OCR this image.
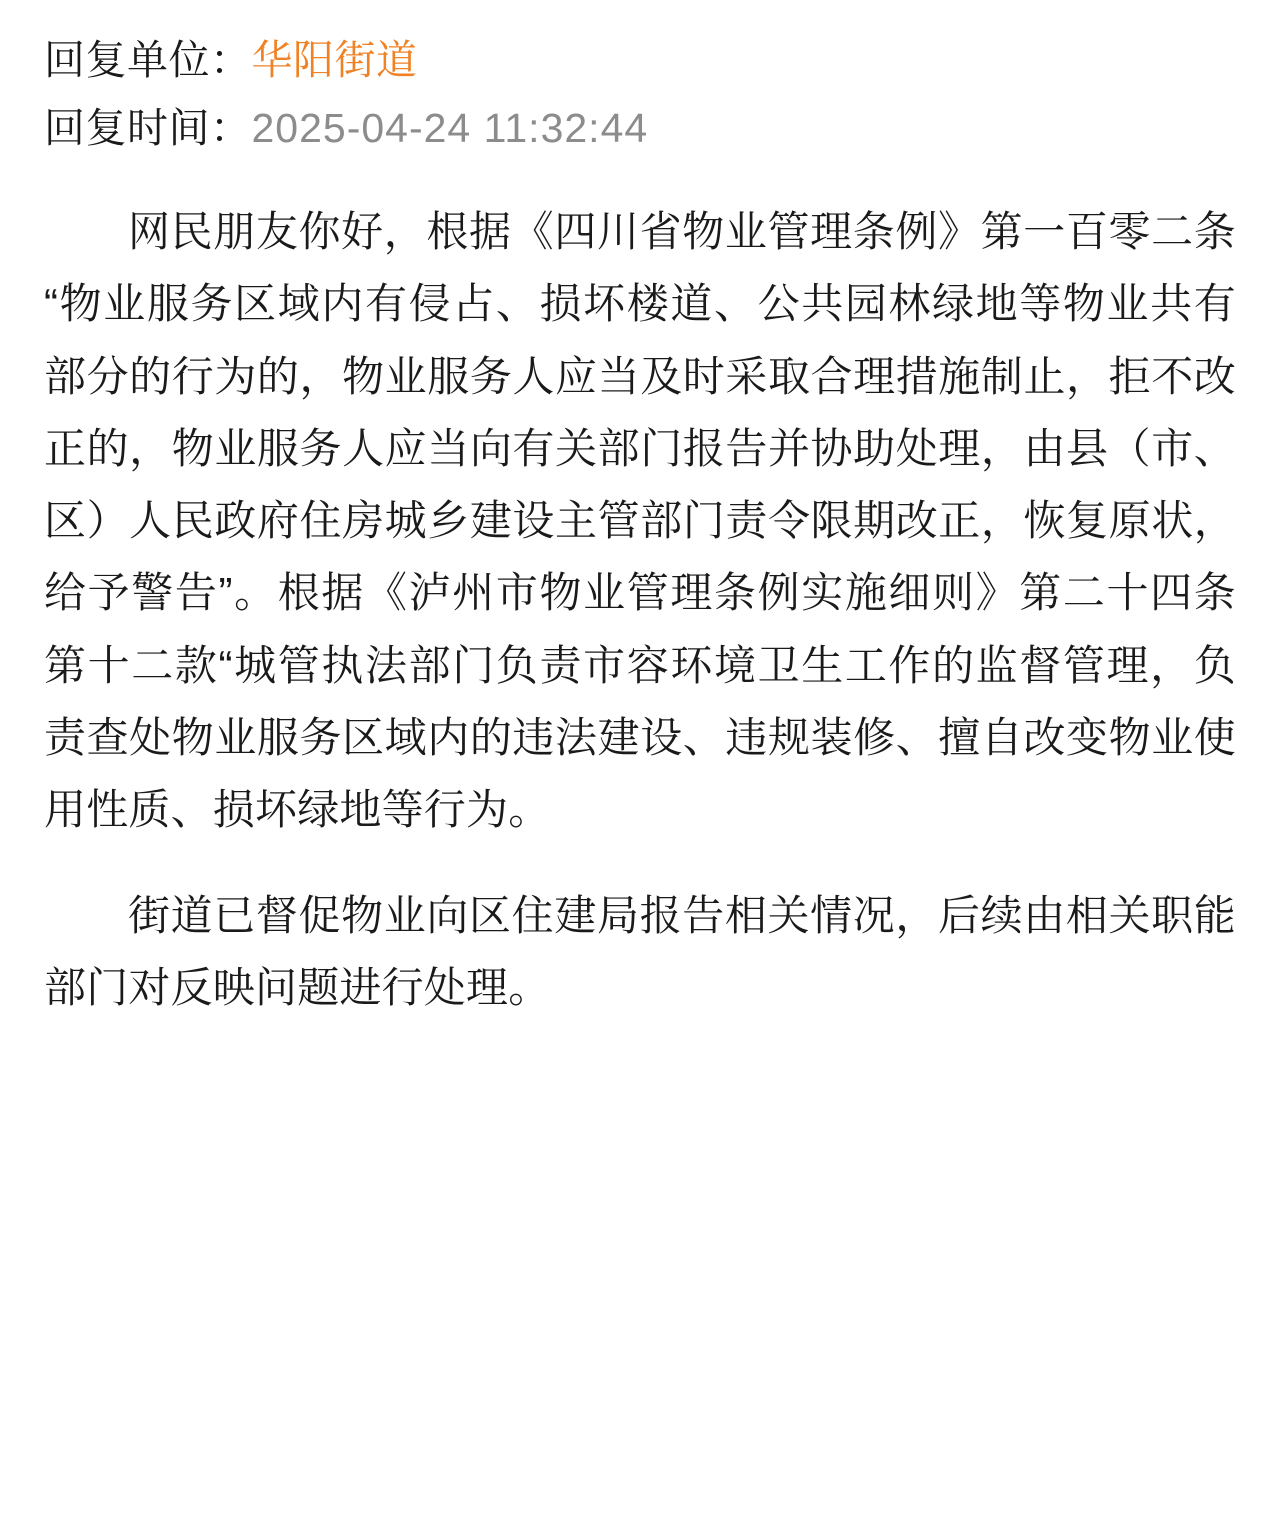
回复单位：华阳街道
回复时间：2025-04-24 11:32:44

网民朋友你好，根据《四川省物业管理条例》第一百零二条“物业服务区域内有侵占、损坏楼道、公共园林绿地等物业共有部分的行为的，物业服务人应当及时采取合理措施制止，拒不改正的，物业服务人应当向有关部门报告并协助处理，由县（市、区）人民政府住房城乡建设主管部门责令限期改正，恢复原状，给予警告”。根据《泸州市物业管理条例实施细则》第二十四条第十二款“城管执法部门负责市容环境卫生工作的监督管理，负责查处物业服务区域内的违法建设、违规装修、擅自改变物业使用性质、损坏绿地等行为。

街道已督促物业向区住建局报告相关情况，后续由相关职能部门对反映问题进行处理。
